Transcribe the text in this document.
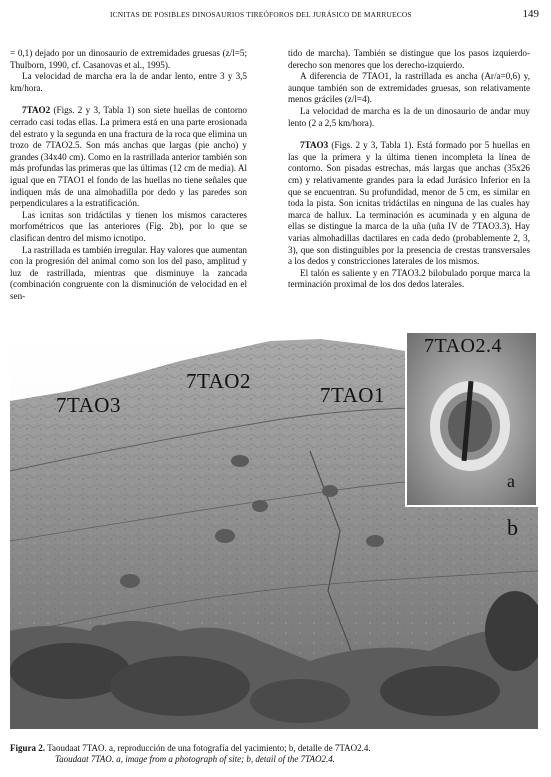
ICNITAS DE POSIBLES DINOSAURIOS TIREÓFOROS DEL JURÁSICO DE MARRUECOS	149

= 0,1) dejado por un dinosaurio de extremidades gruesas (z/l=5; Thulborn, 1990, cf. Casanovas et al., 1995).

La velocidad de marcha era la de andar lento, entre 3 y 3,5 km/hora.

7TAO2 (Figs. 2 y 3, Tabla 1) son siete huellas de contorno cerrado casi todas ellas. La primera está en una parte erosionada del estrato y la segunda en una fractura de la roca que elimina un trozo de 7TAO2.5. Son más anchas que largas (pie ancho) y grandes (34x40 cm). Como en la rastrillada anterior también son más profundas las primeras que las últimas (12 cm de media). Al igual que en 7TAO1 el fondo de las huellas no tiene señales que indiquen más de una almohadilla por dedo y las paredes son perpendiculares a la estratificación.

Las icnitas son tridáctilas y tienen los mismos caracteres morfométricos que las anteriores (Fig. 2b), por lo que se clasifican dentro del mismo icnotipo.

La rastrillada es también irregular. Hay valores que aumentan con la progresión del animal como son los del paso, amplitud y luz de rastrillada, mientras que disminuye la zancada (combinación congruente con la disminución de velocidad en el sen-

tido de marcha). También se distingue que los pasos izquierdo-derecho son menores que los derecho-izquierdo.

A diferencia de 7TAO1, la rastrillada es ancha (Ar/a=0,6) y, aunque también son de extremidades gruesas, son relativamente menos gráciles (z/l=4).

La velocidad de marcha es la de un dinosaurio de andar muy lento (2 a 2,5 km/hora).

7TAO3 (Figs. 2 y 3, Tabla 1). Está formado por 5 huellas en las que la primera y la última tienen incompleta la línea de contorno. Son pisadas estrechas, más largas que anchas (35x26 cm) y relativamente grandes para la edad Jurásico Inferior en la que se encuentran. Su profundidad, menor de 5 cm, es similar en toda la pista. Son icnitas tridáctilas en ninguna de las cuales hay marca de hallux. La terminación es acuminada y en alguna de ellas se distingue la marca de la uña (uña IV de 7TAO3.3). Hay varias almohadillas dactilares en cada dedo (probablemente 2, 3, 3), que son distinguibles por la presencia de crestas transversales a los dedos y constricciones laterales de los mismos.

El talón es saliente y en 7TAO3.2 bilobulado porque marca la terminación proximal de los dos dedos laterales.

7TAO3
7TAO2
7TAO1
7TAO2.4
a
b
Figura 2. Taoudaat 7TAO. a, reproducción de una fotografía del yacimiento; b, detalle de 7TAO2.4.
Taoudaat 7TAO. a, image from a photograph of site; b, detail of the 7TAO2.4.
